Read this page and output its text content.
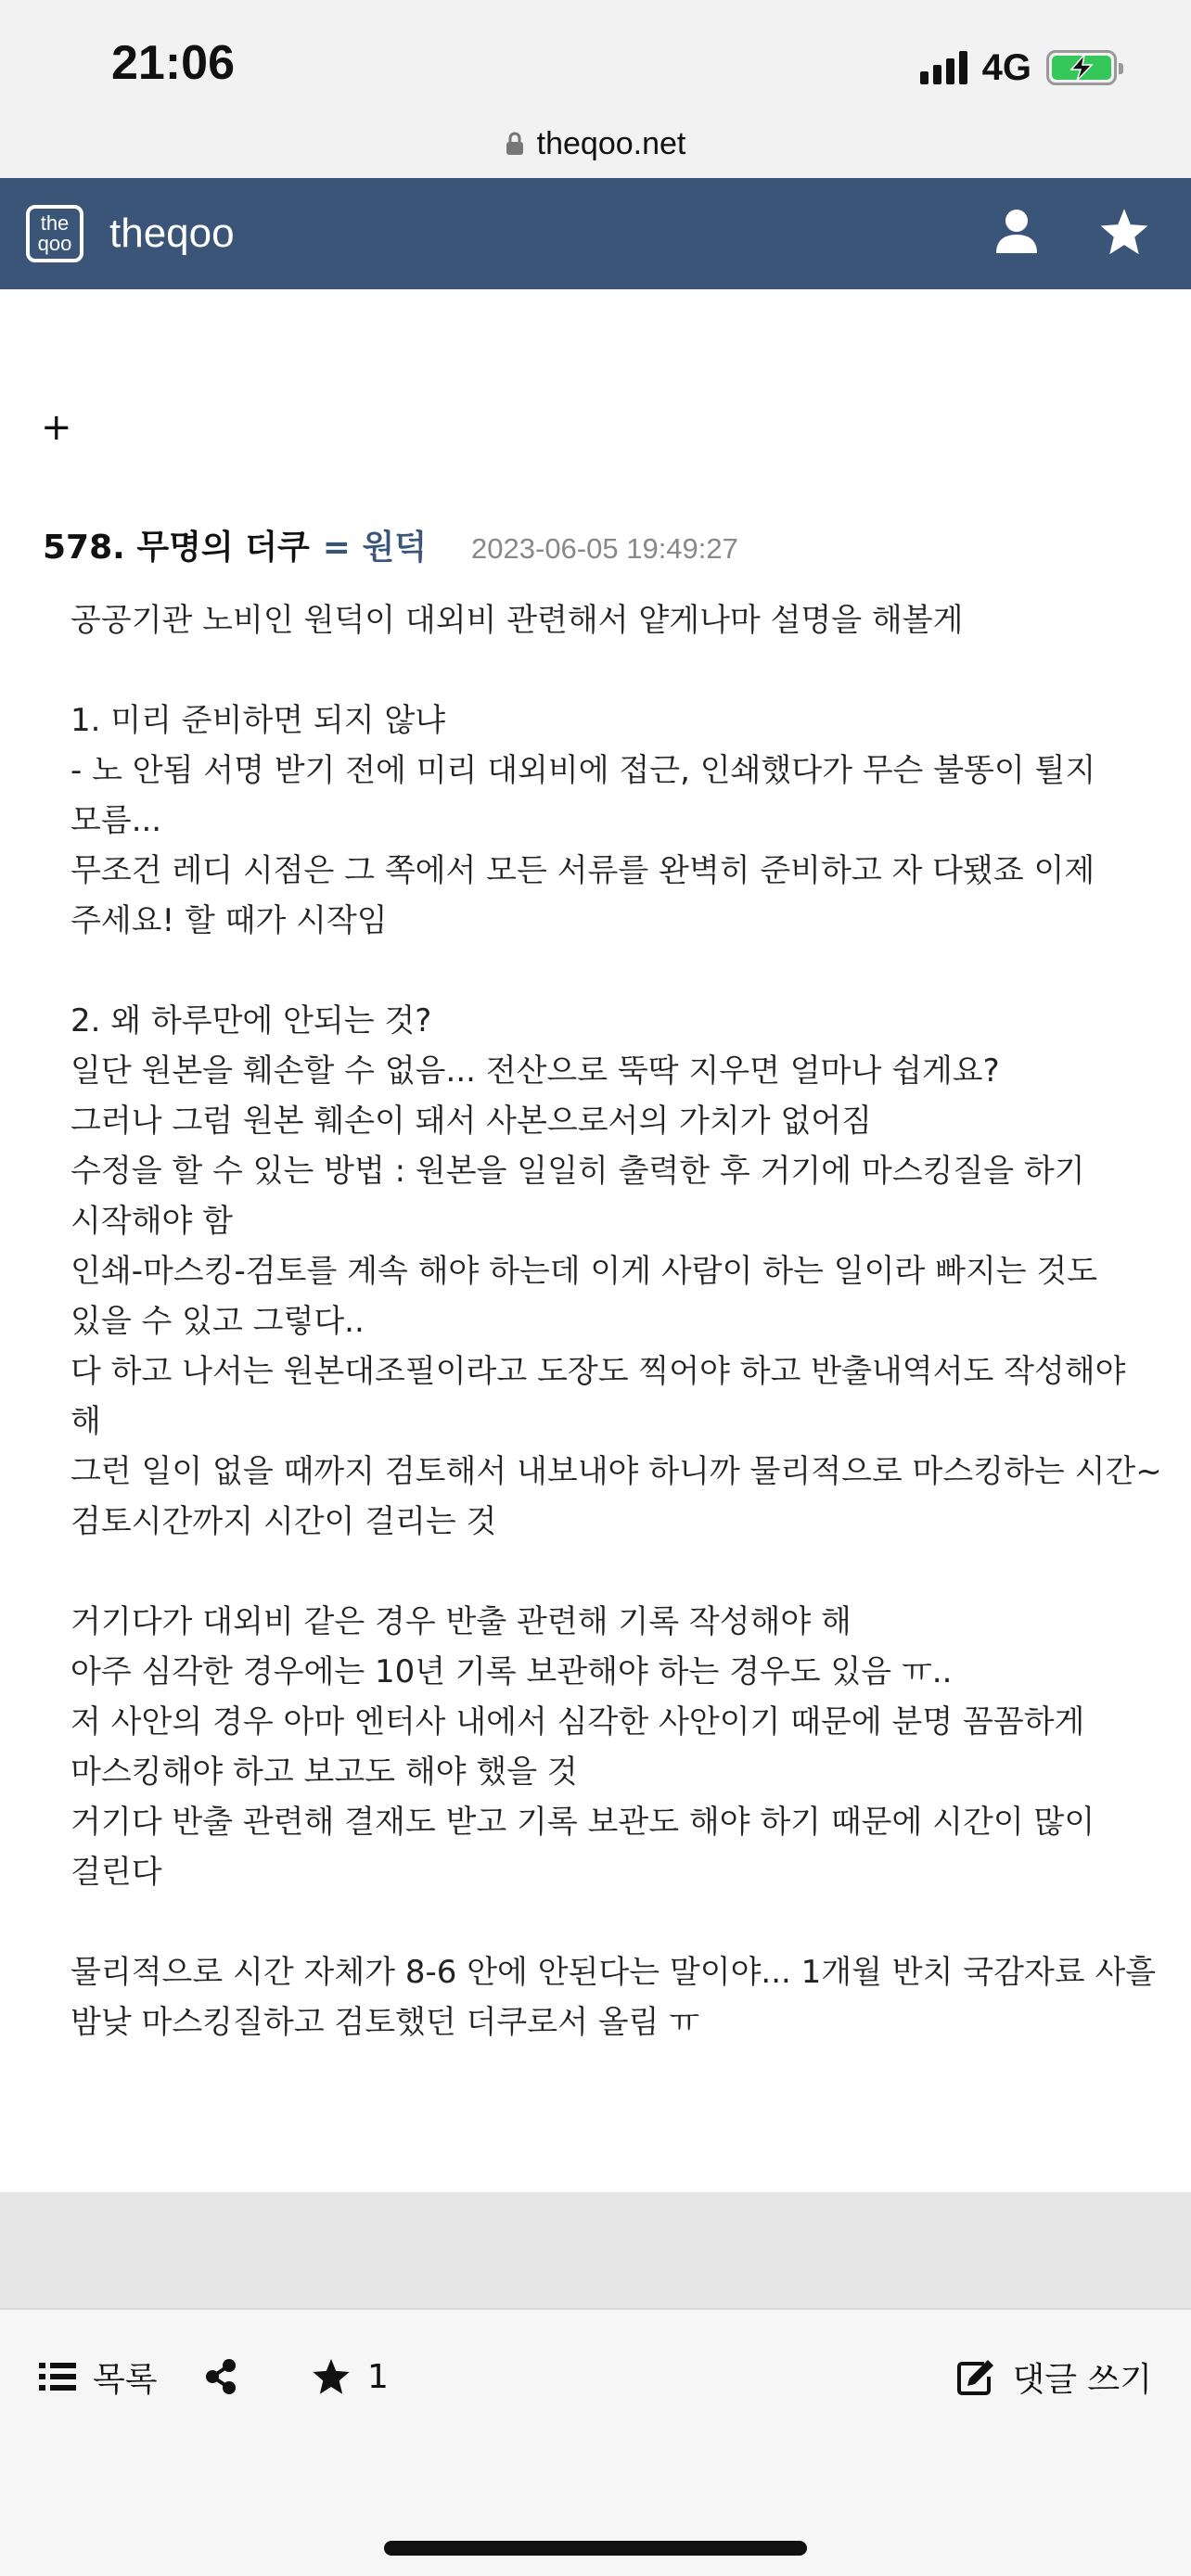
21:06	4G
theqoo.net
the
qoo theqoo
+
578. 무명의 더쿠 = 원덕 2023-06-05 19:49:27
공공기관 노비인 원덕이 대외비 관련해서 얕게나마 설명을 해볼게

1. 미리 준비하면 되지 않냐
- 노 안됨 서명 받기 전에 미리 대외비에 접근, 인쇄했다가 무슨 불똥이 튈지 모름...
무조건 레디 시점은 그 쪽에서 모든 서류를 완벽히 준비하고 자 다됐죠 이제 주세요! 할 때가 시작임

2. 왜 하루만에 안되는 것?
일단 원본을 훼손할 수 없음... 전산으로 뚝딱 지우면 얼마나 쉽게요?
그러나 그럼 원본 훼손이 돼서 사본으로서의 가치가 없어짐
수정을 할 수 있는 방법 : 원본을 일일히 출력한 후 거기에 마스킹질을 하기 시작해야 함
인쇄-마스킹-검토를 계속 해야 하는데 이게 사람이 하는 일이라 빠지는 것도 있을 수 있고 그렇다..
다 하고 나서는 원본대조필이라고 도장도 찍어야 하고 반출내역서도 작성해야 해
그런 일이 없을 때까지 검토해서 내보내야 하니까 물리적으로 마스킹하는 시간~검토시간까지 시간이 걸리는 것

거기다가 대외비 같은 경우 반출 관련해 기록 작성해야 해
아주 심각한 경우에는 10년 기록 보관해야 하는 경우도 있음 ㅠ..
저 사안의 경우 아마 엔터사 내에서 심각한 사안이기 때문에 분명 꼼꼼하게 마스킹해야 하고 보고도 해야 했을 것
거기다 반출 관련해 결재도 받고 기록 보관도 해야 하기 때문에 시간이 많이 걸린다

물리적으로 시간 자체가 8-6 안에 안된다는 말이야... 1개월 반치 국감자료 사흘 밤낮 마스킹질하고 검토했던 더쿠로서 올림 ㅠ
목록	1	댓글 쓰기
